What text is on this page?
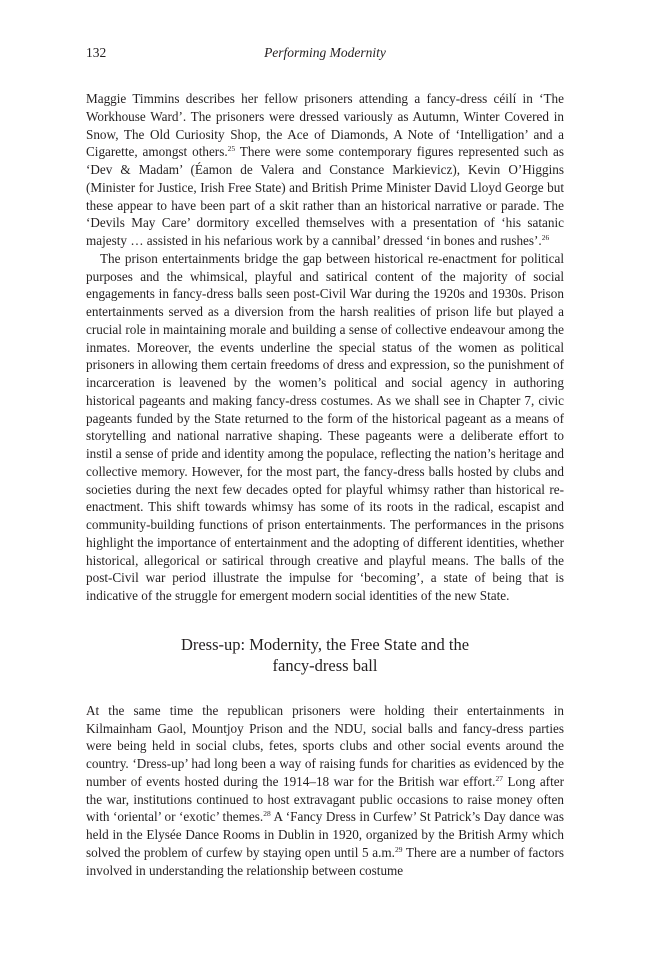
132	Performing Modernity

Maggie Timmins describes her fellow prisoners attending a fancy-dress céilí in ‘The Workhouse Ward’. The prisoners were dressed variously as Autumn, Winter Covered in Snow, The Old Curiosity Shop, the Ace of Diamonds, A Note of ‘Intelligation’ and a Cigarette, amongst others.$^{25}$ There were some contemporary figures represented such as ‘Dev & Madam’ (Éamon de Valera and Constance Markievicz), Kevin O’Higgins (Minister for Justice, Irish Free State) and British Prime Minister David Lloyd George but these appear to have been part of a skit rather than an historical narrative or parade. The ‘Devils May Care’ dormitory excelled themselves with a presentation of ‘his satanic majesty … assisted in his nefarious work by a cannibal’ dressed ‘in bones and rushes’.$^{26}$

The prison entertainments bridge the gap between historical re-enactment for political purposes and the whimsical, playful and satirical content of the majority of social engagements in fancy-dress balls seen post-Civil War during the 1920s and 1930s. Prison entertainments served as a diversion from the harsh realities of prison life but played a crucial role in maintaining morale and building a sense of collective endeavour among the inmates. Moreover, the events underline the special status of the women as political prisoners in allowing them certain freedoms of dress and expression, so the punishment of incarceration is leavened by the women’s political and social agency in authoring historical pageants and making fancy-dress costumes. As we shall see in Chapter 7, civic pageants funded by the State returned to the form of the historical pageant as a means of storytelling and national narrative shaping. These pageants were a deliberate effort to instil a sense of pride and identity among the populace, reflecting the nation’s heritage and collective memory. However, for the most part, the fancy-dress balls hosted by clubs and societies during the next few decades opted for playful whimsy rather than historical re-enactment. This shift towards whimsy has some of its roots in the radical, escapist and community-building functions of prison entertainments. The performances in the prisons highlight the importance of entertainment and the adopting of different identities, whether historical, allegorical or satirical through creative and playful means. The balls of the post-Civil war period illustrate the impulse for ‘becoming’, a state of being that is indicative of the struggle for emergent modern social identities of the new State.

Dress-up: Modernity, the Free State and the
fancy-dress ball

At the same time the republican prisoners were holding their entertainments in Kilmainham Gaol, Mountjoy Prison and the NDU, social balls and fancy-dress parties were being held in social clubs, fetes, sports clubs and other social events around the country. ‘Dress-up’ had long been a way of raising funds for charities as evidenced by the number of events hosted during the 1914–18 war for the British war effort.$^{27}$ Long after the war, institutions continued to host extravagant public occasions to raise money often with ‘oriental’ or ‘exotic’ themes.$^{28}$ A ‘Fancy Dress in Curfew’ St Patrick’s Day dance was held in the Elysée Dance Rooms in Dublin in 1920, organized by the British Army which solved the problem of curfew by staying open until 5 a.m.$^{29}$ There are a number of factors involved in understanding the relationship between costume
